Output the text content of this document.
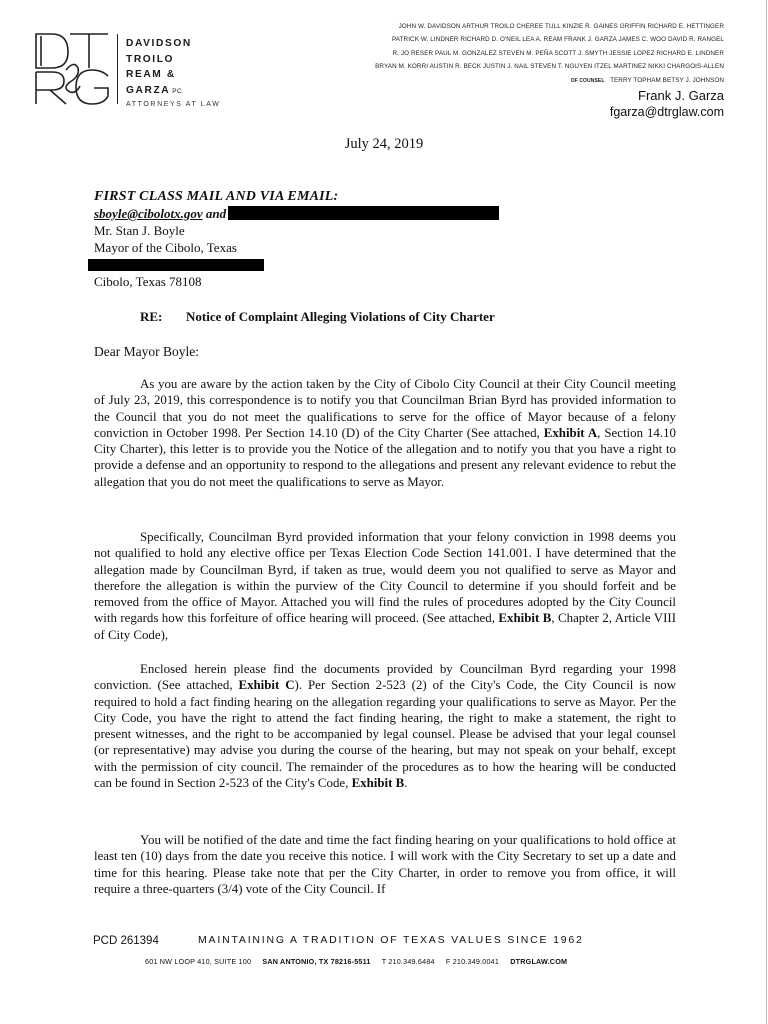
DAVIDSON
TROILO
REAM &
GARZA PC
ATTORNEYS AT LAW
JOHN W. DAVIDSON ARTHUR TROILO CHEREE TULL KINZIE R. GAINES GRIFFIN RICHARD E. HETTINGER
PATRICK W. LINDNER RICHARD D. O'NEIL LEA A. REAM FRANK J. GARZA JAMES C. WOO DAVID R. RANGEL
R. JO RESER PAUL M. GONZALEZ STEVEN M. PEÑA SCOTT J. SMYTH JESSIE LOPEZ RICHARD E. LINDNER
BRYAN M. KORRI AUSTIN R. BECK JUSTIN J. NAIL STEVEN T. NGUYEN ITZEL MARTINEZ NIKKI CHARGOIS-ALLEN
OF COUNSEL TERRY TOPHAM BETSY J. JOHNSON
Frank J. Garza
fgarza@dtrglaw.com
July 24, 2019
FIRST CLASS MAIL AND VIA EMAIL:
sboyle@cibolotx.gov and
Mr. Stan J. Boyle
Mayor of the Cibolo, Texas
Cibolo, Texas 78108
RE: Notice of Complaint Alleging Violations of City Charter
Dear Mayor Boyle:
As you are aware by the action taken by the City of Cibolo City Council at their City Council meeting of July 23, 2019, this correspondence is to notify you that Councilman Brian Byrd has provided information to the Council that you do not meet the qualifications to serve for the office of Mayor because of a felony conviction in October 1998. Per Section 14.10 (D) of the City Charter (See attached, Exhibit A, Section 14.10 City Charter), this letter is to provide you the Notice of the allegation and to notify you that you have a right to provide a defense and an opportunity to respond to the allegations and present any relevant evidence to rebut the allegation that you do not meet the qualifications to serve as Mayor.
Specifically, Councilman Byrd provided information that your felony conviction in 1998 deems you not qualified to hold any elective office per Texas Election Code Section 141.001. I have determined that the allegation made by Councilman Byrd, if taken as true, would deem you not qualified to serve as Mayor and therefore the allegation is within the purview of the City Council to determine if you should forfeit and be removed from the office of Mayor. Attached you will find the rules of procedures adopted by the City Council with regards how this forfeiture of office hearing will proceed. (See attached, Exhibit B, Chapter 2, Article VIII of City Code),
Enclosed herein please find the documents provided by Councilman Byrd regarding your 1998 conviction. (See attached, Exhibit C). Per Section 2-523 (2) of the City's Code, the City Council is now required to hold a fact finding hearing on the allegation regarding your qualifications to serve as Mayor. Per the City Code, you have the right to attend the fact finding hearing, the right to make a statement, the right to present witnesses, and the right to be accompanied by legal counsel. Please be advised that your legal counsel (or representative) may advise you during the course of the hearing, but may not speak on your behalf, except with the permission of city council. The remainder of the procedures as to how the hearing will be conducted can be found in Section 2-523 of the City's Code, Exhibit B.
You will be notified of the date and time the fact finding hearing on your qualifications to hold office at least ten (10) days from the date you receive this notice. I will work with the City Secretary to set up a date and time for this hearing. Please take note that per the City Charter, in order to remove you from office, it will require a three-quarters (3/4) vote of the City Council. If
PCD 261394	MAINTAINING A TRADITION OF TEXAS VALUES SINCE 1962
601 NW LOOP 410, SUITE 100 SAN ANTONIO, TX 78216-5511 T 210.349.6484 F 210.349.0041 DTRGLAW.COM
